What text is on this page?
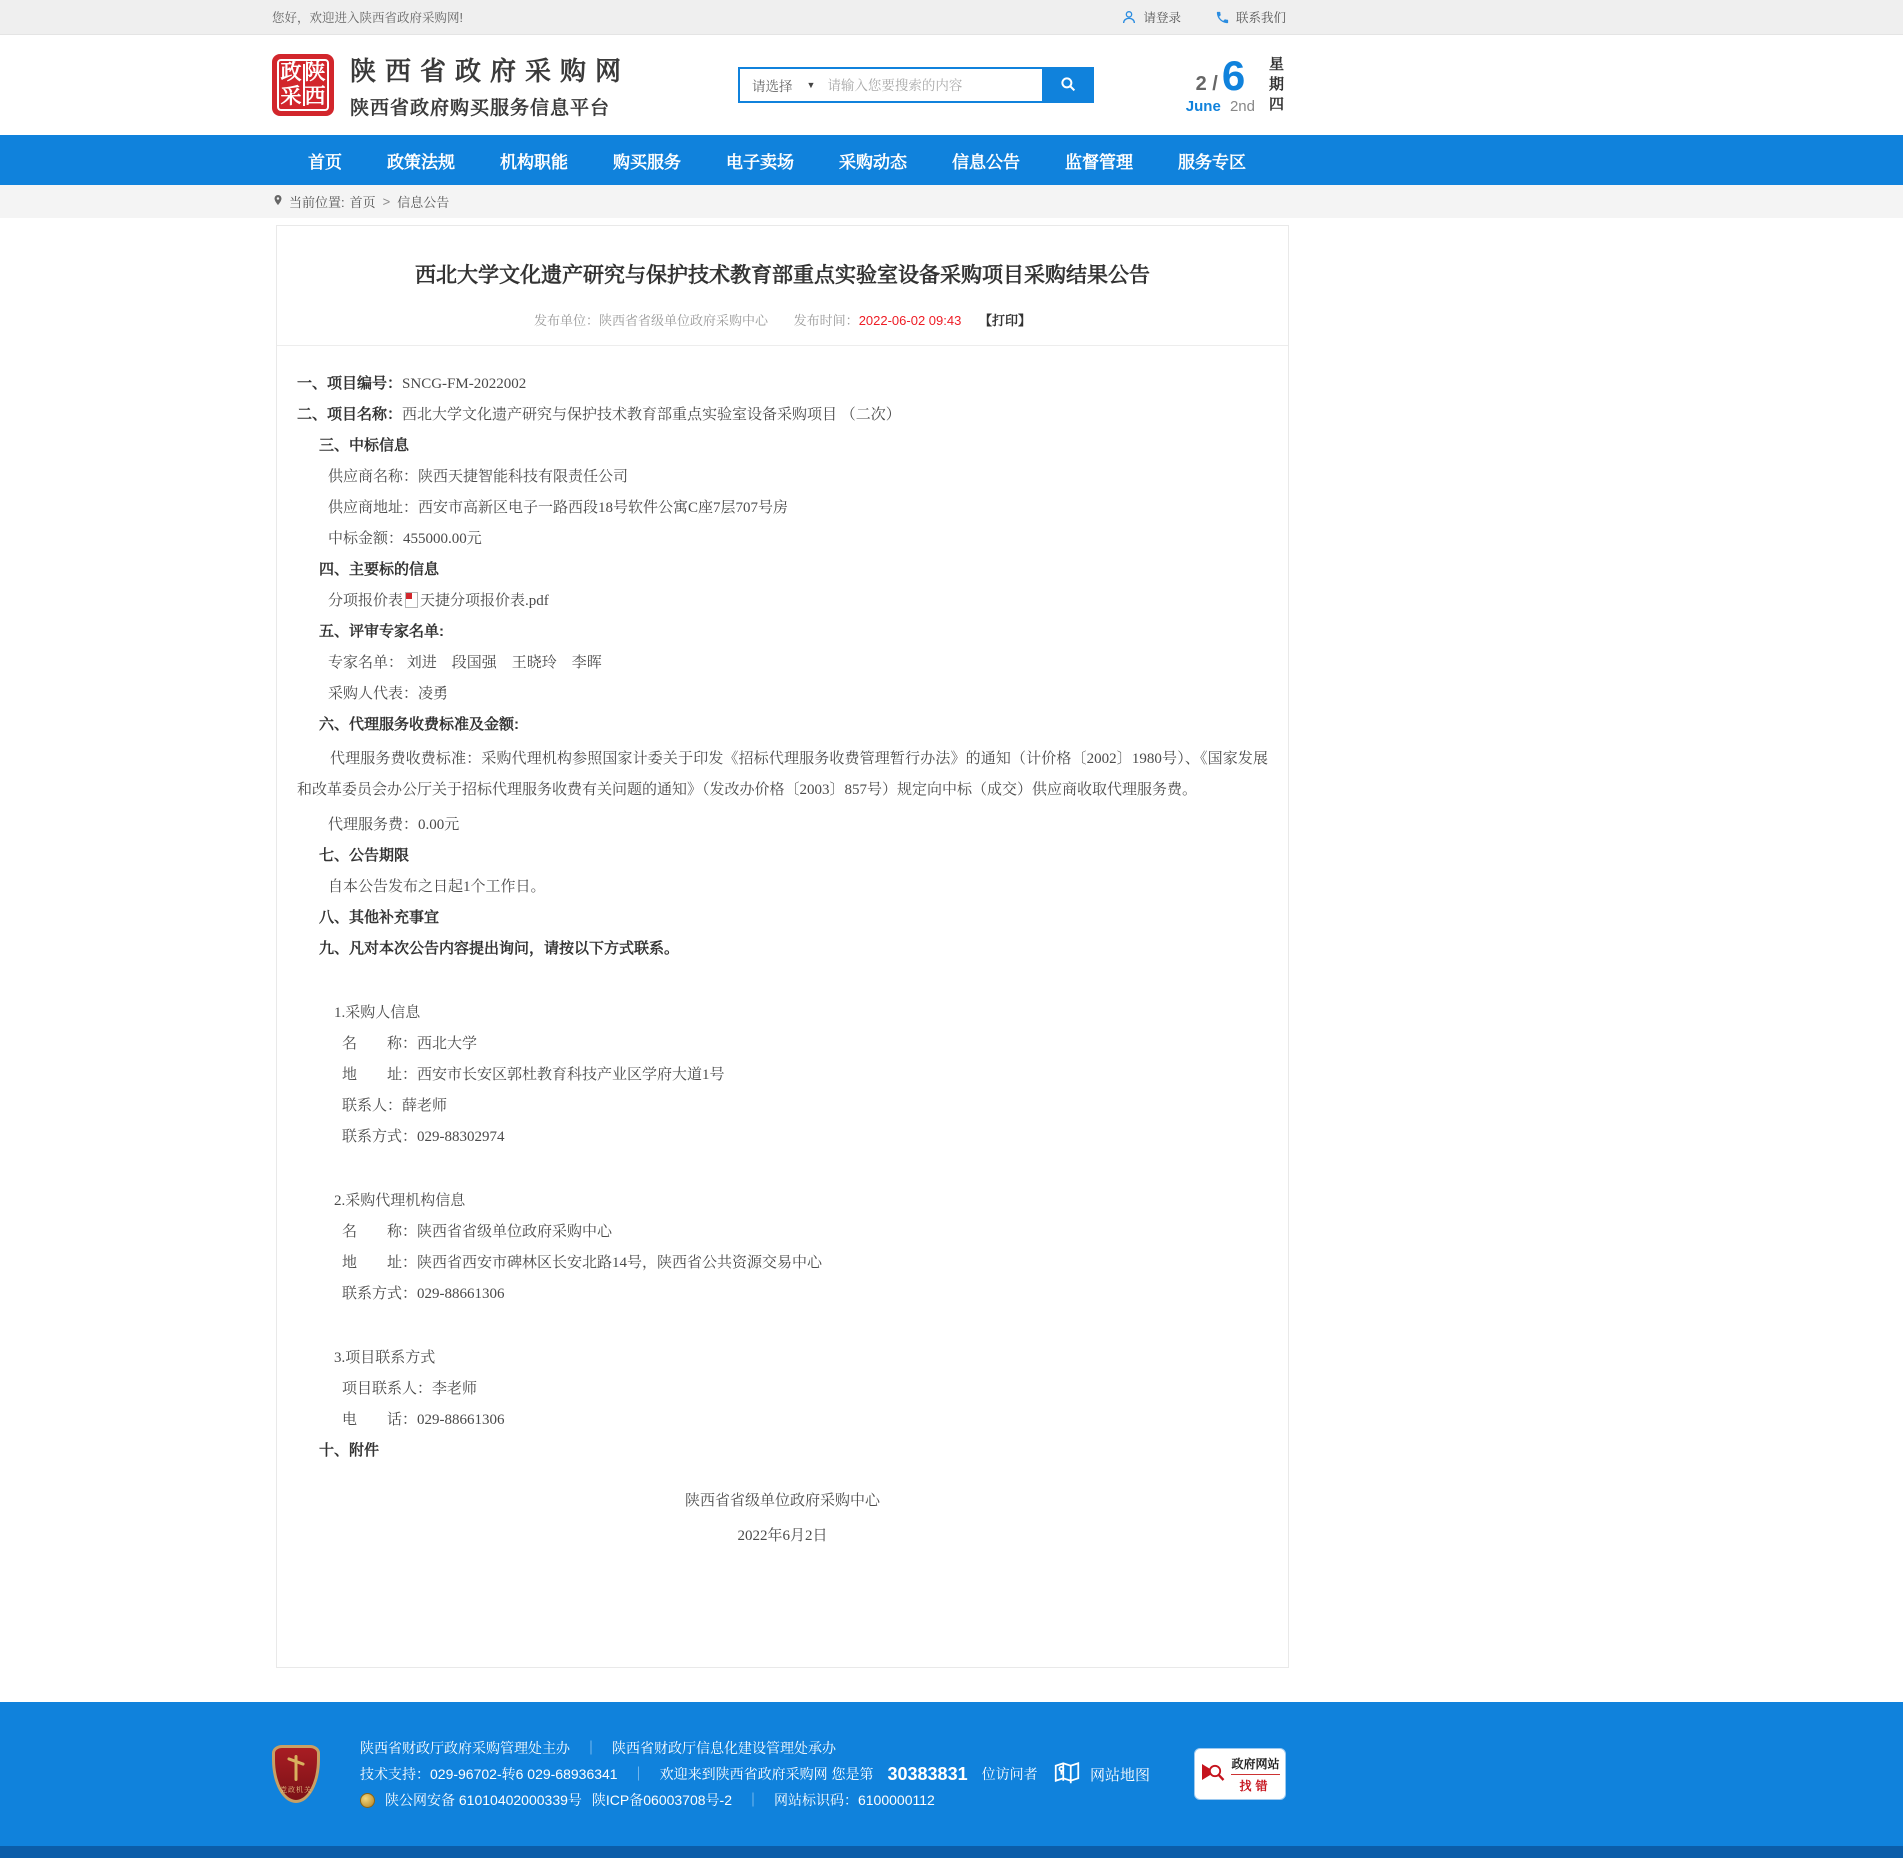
您好，欢迎进入陕西省政府采购网!	请登录	联系我们
政 陕
采 西
陕西省政府采购网
陕西省政府购买服务信息平台
请选择 ▼
请输入您要搜索的内容	2 / 6
June 2nd
星期四
首页	政策法规	机构职能	购买服务	电子卖场	采购动态	信息公告	监督管理	服务专区
当前位置: 首页 > 信息公告
西北大学文化遗产研究与保护技术教育部重点实验室设备采购项目采购结果公告
发布单位：陕西省省级单位政府采购中心 发布时间：2022-06-02 09:43 【打印】
一、项目编号：SNCG-FM-2022002
二、项目名称：西北大学文化遗产研究与保护技术教育部重点实验室设备采购项目 （二次）
三、中标信息
供应商名称：陕西天捷智能科技有限责任公司
供应商地址：西安市高新区电子一路西段18号软件公寓C座7层707号房
中标金额：455000.00元
四、主要标的信息
分项报价表 天捷分项报价表.pdf
五、评审专家名单:
专家名单： 刘进　段国强　王晓玲　李晖
采购人代表：凌勇
六、代理服务收费标准及金额:
代理服务费收费标准：采购代理机构参照国家计委关于印发《招标代理服务收费管理暂行办法》的通知（计价格〔2002〕1980号）、《国家发展和改革委员会办公厅关于招标代理服务收费有关问题的通知》（发改办价格〔2003〕857号）规定向中标（成交）供应商收取代理服务费。
代理服务费：0.00元
七、公告期限
自本公告发布之日起1个工作日。
八、其他补充事宜
九、凡对本次公告内容提出询问，请按以下方式联系。
1.采购人信息
名　　称：西北大学
地　　址：西安市长安区郭杜教育科技产业区学府大道1号
联系人：薛老师
联系方式：029-88302974
2.采购代理机构信息
名　　称：陕西省省级单位政府采购中心
地　　址：陕西省西安市碑林区长安北路14号，陕西省公共资源交易中心
联系方式：029-88661306
3.项目联系方式
项目联系人：李老师
电　　话：029-88661306
十、附件
陕西省省级单位政府采购中心
2022年6月2日
党政机关
陕西省财政厅政府采购管理处主办 ｜ 陕西省财政厅信息化建设管理处承办
技术支持：029-96702-转6 029-68936341 ｜ 欢迎来到陕西省政府采购网 您是第 30383831 位访问者
陕公网安备 61010402000339号 陕ICP备06003708号-2 ｜ 网站标识码：6100000112
网站地图
政府网站
找错
